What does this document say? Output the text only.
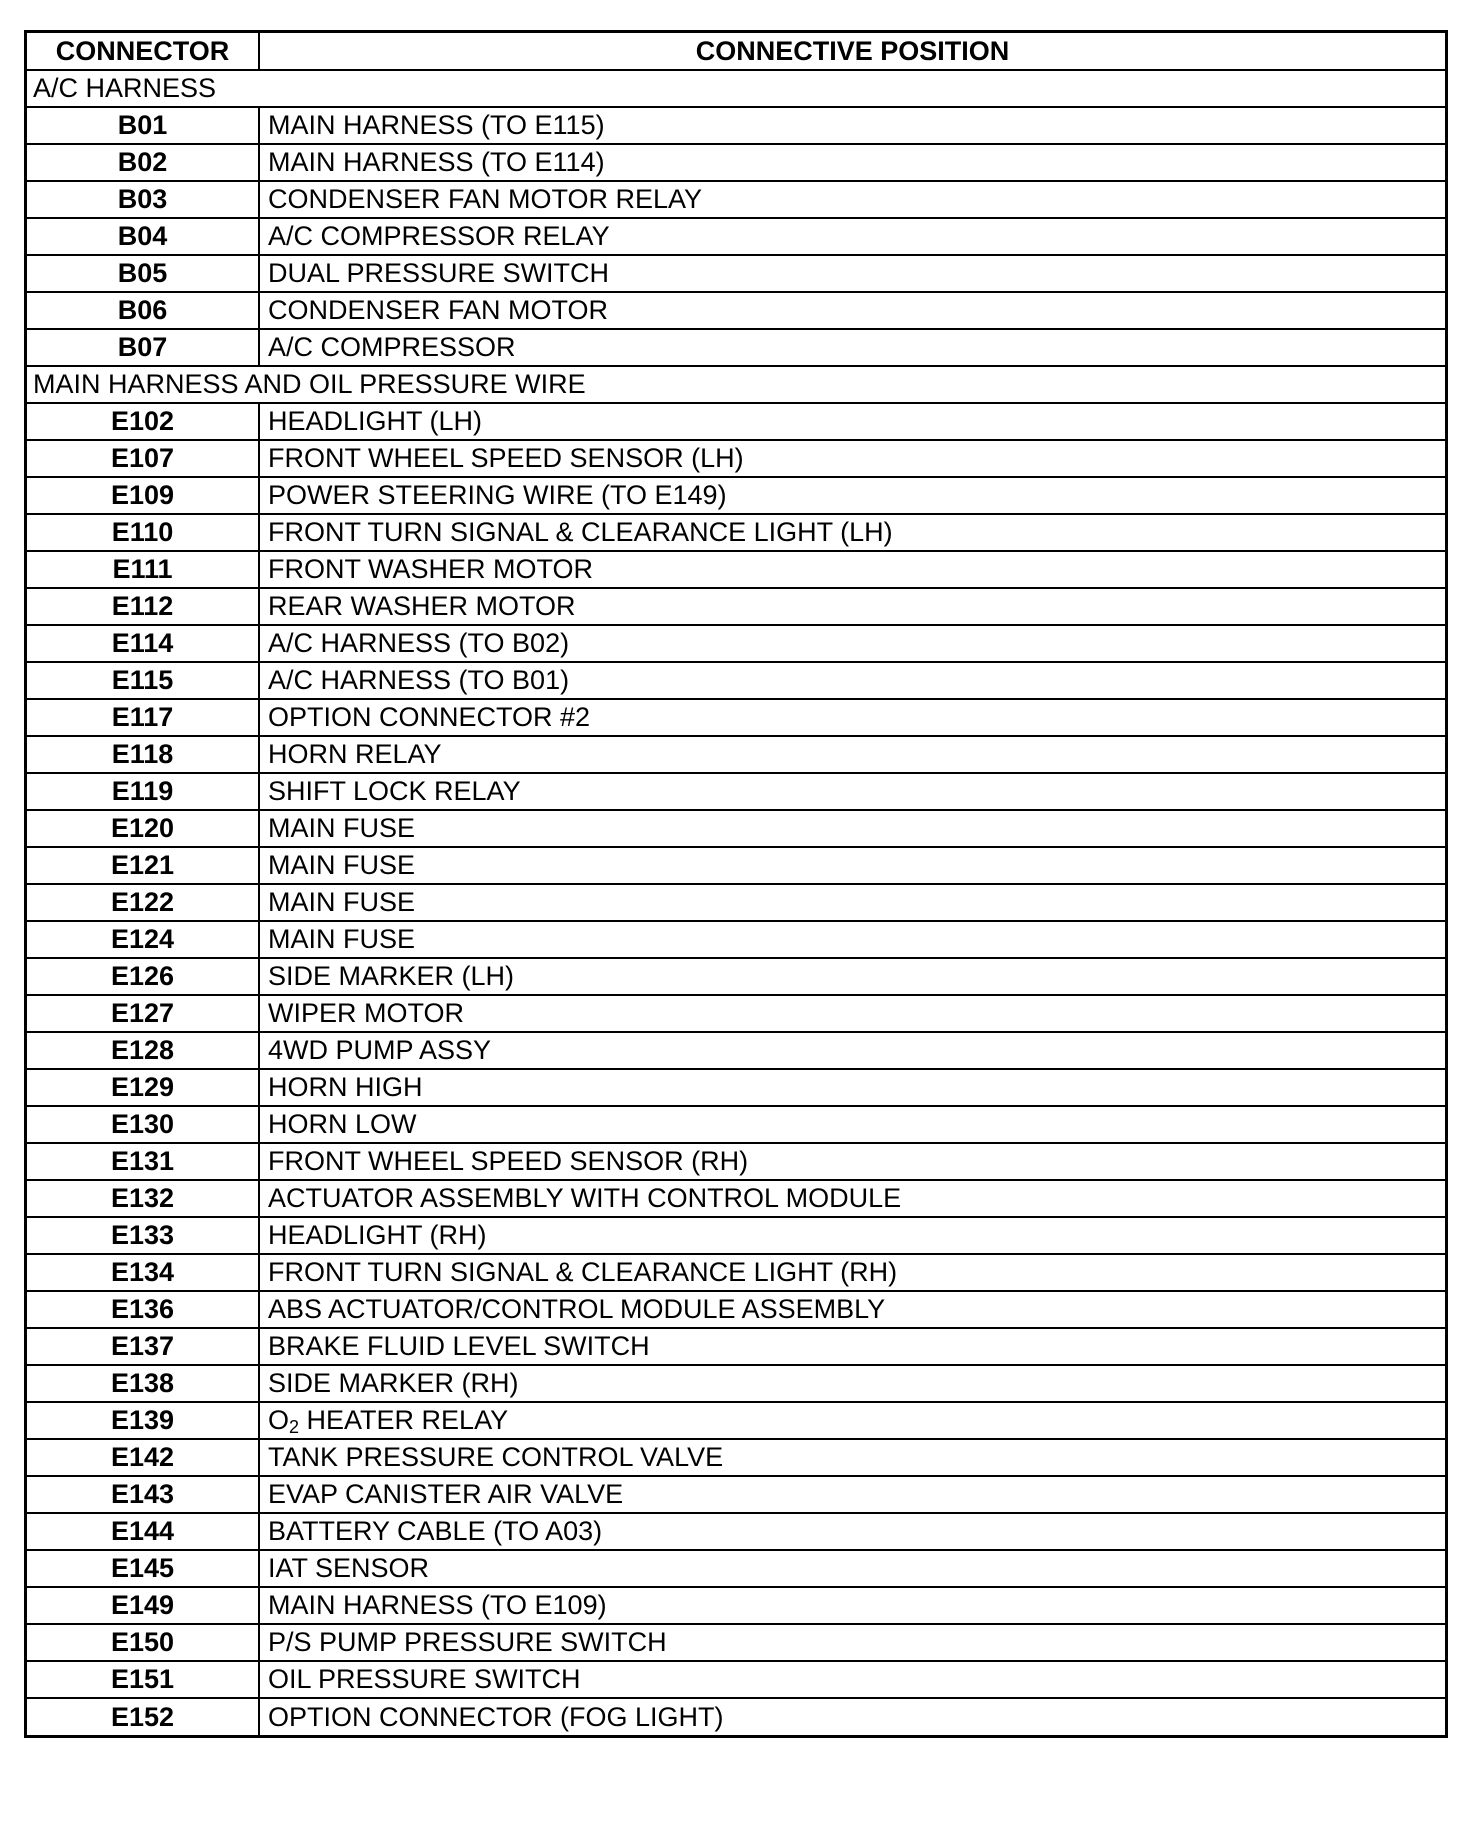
CONNECTOR	CONNECTIVE POSITION
A/C HARNESS	
B01	MAIN HARNESS (TO E115)
B02	MAIN HARNESS (TO E114)
B03	CONDENSER FAN MOTOR RELAY
B04	A/C COMPRESSOR RELAY
B05	DUAL PRESSURE SWITCH
B06	CONDENSER FAN MOTOR
B07	A/C COMPRESSOR
MAIN HARNESS AND OIL PRESSURE WIRE	
E102	HEADLIGHT (LH)
E107	FRONT WHEEL SPEED SENSOR (LH)
E109	POWER STEERING WIRE (TO E149)
E110	FRONT TURN SIGNAL & CLEARANCE LIGHT (LH)
E111	FRONT WASHER MOTOR
E112	REAR WASHER MOTOR
E114	A/C HARNESS (TO B02)
E115	A/C HARNESS (TO B01)
E117	OPTION CONNECTOR #2
E118	HORN RELAY
E119	SHIFT LOCK RELAY
E120	MAIN FUSE
E121	MAIN FUSE
E122	MAIN FUSE
E124	MAIN FUSE
E126	SIDE MARKER (LH)
E127	WIPER MOTOR
E128	4WD PUMP ASSY
E129	HORN HIGH
E130	HORN LOW
E131	FRONT WHEEL SPEED SENSOR (RH)
E132	ACTUATOR ASSEMBLY WITH CONTROL MODULE
E133	HEADLIGHT (RH)
E134	FRONT TURN SIGNAL & CLEARANCE LIGHT (RH)
E136	ABS ACTUATOR/CONTROL MODULE ASSEMBLY
E137	BRAKE FLUID LEVEL SWITCH
E138	SIDE MARKER (RH)
E139	$O_2$ HEATER RELAY
E142	TANK PRESSURE CONTROL VALVE
E143	EVAP CANISTER AIR VALVE
E144	BATTERY CABLE (TO A03)
E145	IAT SENSOR
E149	MAIN HARNESS (TO E109)
E150	P/S PUMP PRESSURE SWITCH
E151	OIL PRESSURE SWITCH
E152	OPTION CONNECTOR (FOG LIGHT)
